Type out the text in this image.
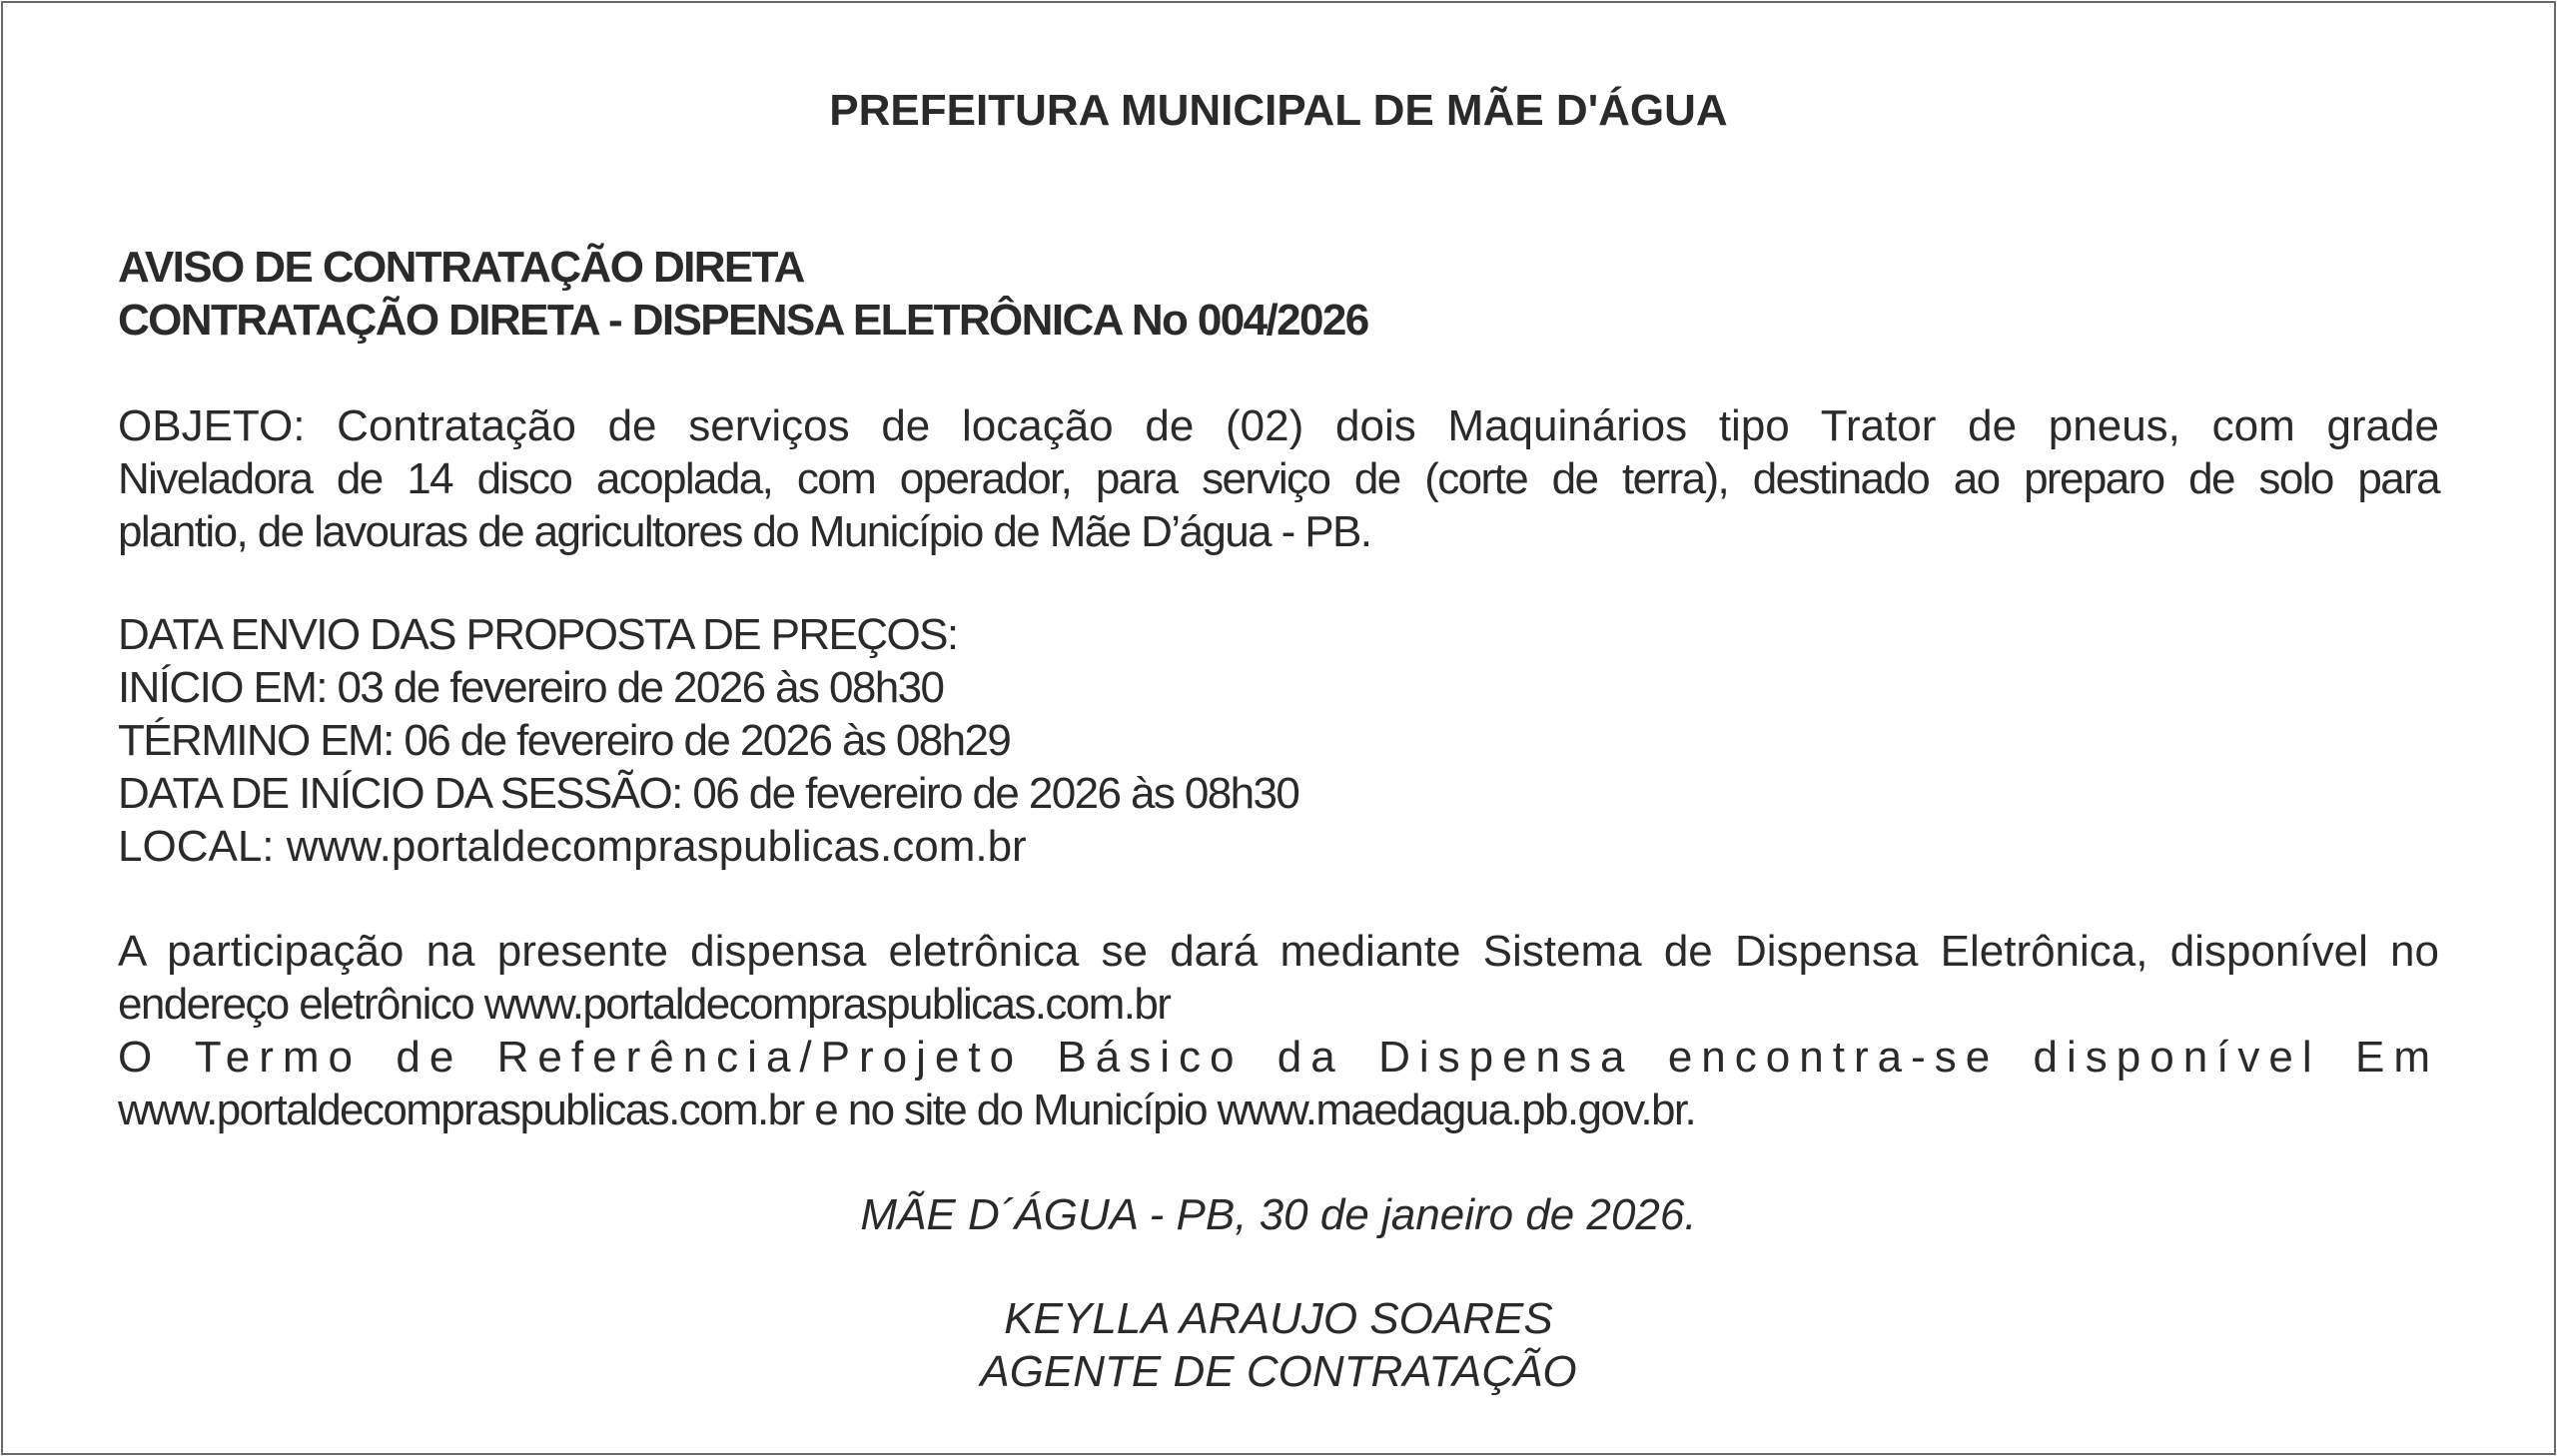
PREFEITURA MUNICIPAL DE MÃE D'ÁGUA
AVISO DE CONTRATAÇÃO DIRETA
CONTRATAÇÃO DIRETA - DISPENSA ELETRÔNICA No 004/2026
OBJETO: Contratação de serviços de locação de (02) dois Maquinários tipo Trator de pneus, com grade
Niveladora de 14 disco acoplada, com operador, para serviço de (corte de terra), destinado ao preparo de solo para
plantio, de lavouras de agricultores do Município de Mãe D’água - PB.
DATA ENVIO DAS PROPOSTA DE PREÇOS:
INÍCIO EM: 03 de fevereiro de 2026 às 08h30
TÉRMINO EM: 06 de fevereiro de 2026 às 08h29
DATA DE INÍCIO DA SESSÃO: 06 de fevereiro de 2026 às 08h30
LOCAL: www.portaldecompraspublicas.com.br
A participação na presente dispensa eletrônica se dará mediante Sistema de Dispensa Eletrônica, disponível no
endereço eletrônico www.portaldecompraspublicas.com.br
O Termo de Referência/Projeto Básico da Dispensa encontra-se disponível Em
www.portaldecompraspublicas.com.br e no site do Município www.maedagua.pb.gov.br.
MÃE D´ÁGUA - PB, 30 de janeiro de 2026.
KEYLLA ARAUJO SOARES
AGENTE DE CONTRATAÇÃO
